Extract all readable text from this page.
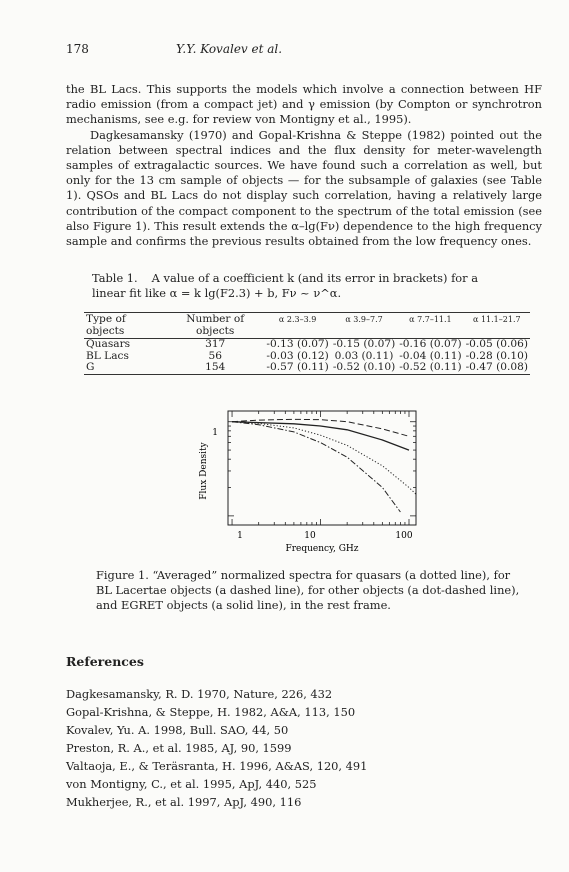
178	Y.Y. Kovalev et al.

the BL Lacs. This supports the models which involve a connection between HF radio emission (from a compact jet) and γ emission (by Compton or synchrotron mechanisms, see e.g. for review von Montigny et al., 1995).

Dagkesamansky (1970) and Gopal-Krishna & Steppe (1982) pointed out the relation between spectral indices and the flux density for meter-wavelength samples of extragalactic sources. We have found such a correlation as well, but only for the 13 cm sample of objects — for the subsample of galaxies (see Table 1). QSOs and BL Lacs do not display such correlation, having a relatively large contribution of the compact component to the spectrum of the total emission (see also Figure 1). This result extends the α–lg(Fν) dependence to the high frequency sample and confirms the previous results obtained from the low frequency ones.

Table 1. A value of a coefficient k (and its error in brackets) for a
linear fit like α = k lg(F2.3) + b, Fν ~ ν^α.
Type of objects	Number of objects	α 2.3–3.9	α 3.9–7.7	α 7.7–11.1	α 11.1–21.7
Quasars	317	-0.13 (0.07)	-0.15 (0.07)	-0.16 (0.07)	-0.05 (0.06)
BL Lacs	56	-0.03 (0.12)	0.03 (0.11)	-0.04 (0.11)	-0.28 (0.10)
G	154	-0.57 (0.11)	-0.52 (0.10)	-0.52 (0.11)	-0.47 (0.08)
1
1	10	100
Frequency, GHz
Flux Density
Figure 1. “Averaged” normalized spectra for quasars (a dotted line), for BL Lacertae objects (a dashed line), for other objects (a dot-dashed line), and EGRET objects (a solid line), in the rest frame.
References
Dagkesamansky, R. D. 1970, Nature, 226, 432
Gopal-Krishna, & Steppe, H. 1982, A&A, 113, 150
Kovalev, Yu. A. 1998, Bull. SAO, 44, 50
Preston, R. A., et al. 1985, AJ, 90, 1599
Valtaoja, E., & Teräsranta, H. 1996, A&AS, 120, 491
von Montigny, C., et al. 1995, ApJ, 440, 525
Mukherjee, R., et al. 1997, ApJ, 490, 116
